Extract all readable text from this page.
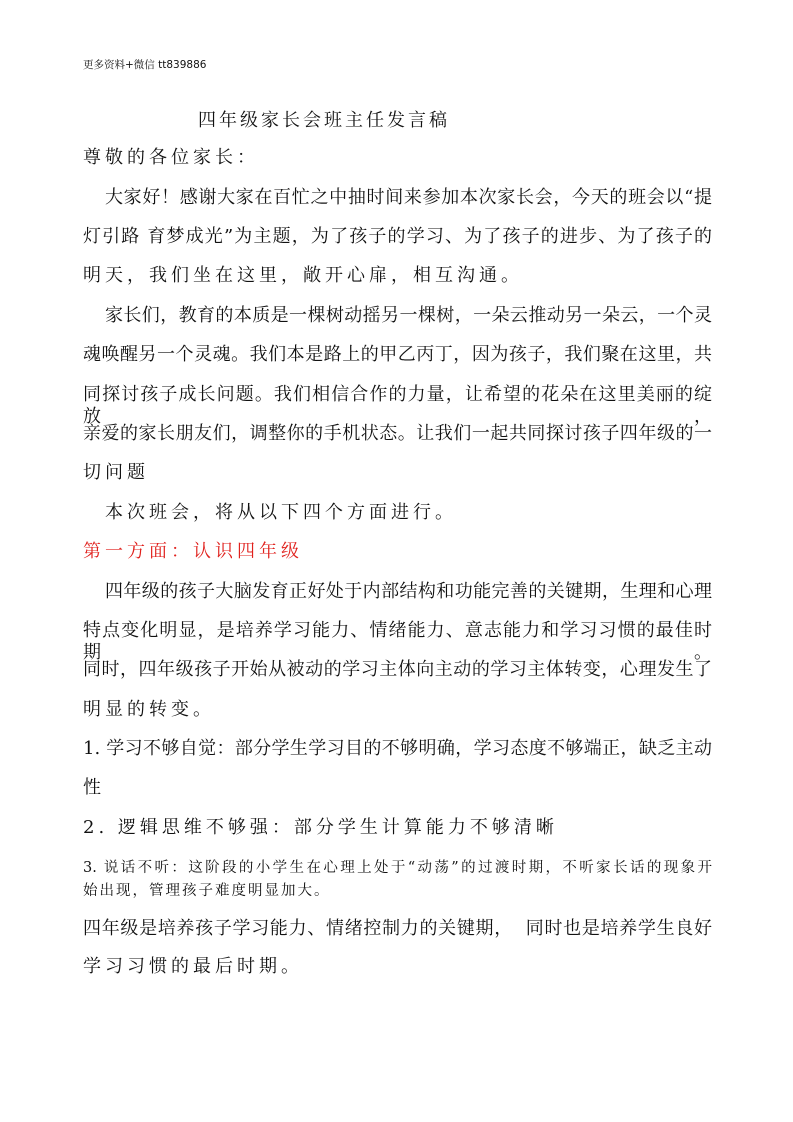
更多资料+微信 tt839886
四年级家长会班主任发言稿
尊敬的各位家长：
大家好！感谢大家在百忙之中抽时间来参加本次家长会，今天的班会以“提
灯引路 育梦成光”为主题，为了孩子的学习、为了孩子的进步、为了孩子的
明天，我们坐在这里，敞开心扉，相互沟通。
家长们，教育的本质是一棵树动摇另一棵树，一朵云推动另一朵云，一个灵
魂唤醒另一个灵魂。我们本是路上的甲乙丙丁，因为孩子，我们聚在这里，共
同探讨孩子成长问题。我们相信合作的力量，让希望的花朵在这里美丽的绽放，
亲爱的家长朋友们，调整你的手机状态。让我们一起共同探讨孩子四年级的一
切问题
本次班会，将从以下四个方面进行。
第一方面：认识四年级
四年级的孩子大脑发育正好处于内部结构和功能完善的关键期，生理和心理
特点变化明显，是培养学习能力、情绪能力、意志能力和学习习惯的最佳时期。
同时，四年级孩子开始从被动的学习主体向主动的学习主体转变，心理发生了
明显的转变。
1. 学习不够自觉：部分学生学习目的不够明确，学习态度不够端正，缺乏主动
性
2. 逻辑思维不够强：部分学生计算能力不够清晰
3. 说话不听：这阶段的小学生在心理上处于“动荡”的过渡时期，不听家长话的现象开
始出现，管理孩子难度明显加大。
四年级是培养孩子学习能力、情绪控制力的关键期，  同时也是培养学生良好
学习习惯的最后时期。
